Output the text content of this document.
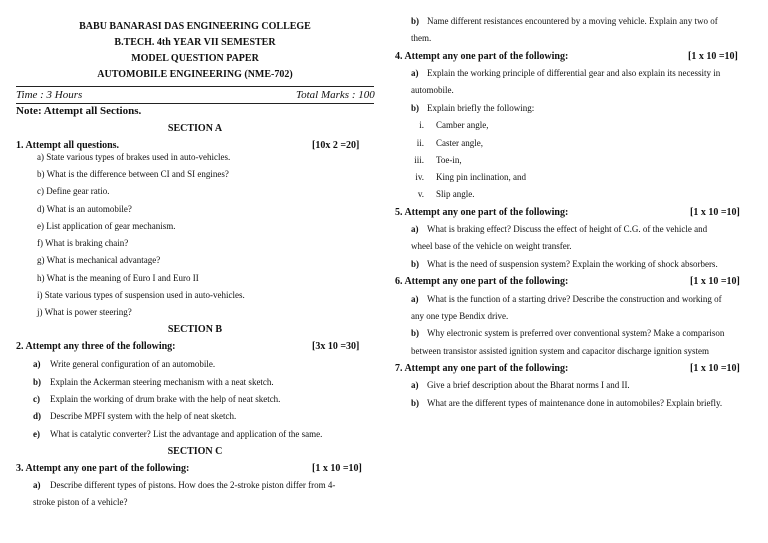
BABU BANARASI DAS ENGINEERING COLLEGE
B.TECH. 4th YEAR VII SEMESTER
MODEL QUESTION PAPER
AUTOMOBILE ENGINEERING (NME-702)
Time : 3 Hours	Total Marks : 100
Note: Attempt all Sections.
SECTION A
1. Attempt all questions.	[10x 2 =20]
a) State various types of brakes used in auto-vehicles.
b) What is the difference between CI and SI engines?
c) Define gear ratio.
d) What is an automobile?
e) List application of gear mechanism.
f) What is braking chain?
g) What is mechanical advantage?
h) What is the meaning of Euro I and Euro II
i) State various types of suspension used in auto-vehicles.
j) What is power steering?
SECTION B
2. Attempt any three of the following:	[3x 10 =30]
a) Write general configuration of an automobile.
b) Explain the Ackerman steering mechanism with a neat sketch.
c) Explain the working of drum brake with the help of neat sketch.
d) Describe MPFI system with the help of neat sketch.
e) What is catalytic converter? List the advantage and application of the same.
SECTION C
3. Attempt any one part of the following:	[1 x 10 =10]
a) Describe different types of pistons. How does the 2-stroke piston differ from 4-
stroke piston of a vehicle?
b) Name different resistances encountered by a moving vehicle. Explain any two of
them.
4. Attempt any one part of the following:	[1 x 10 =10]
a) Explain the working principle of differential gear and also explain its necessity in
automobile.
b) Explain briefly the following:
i. Camber angle,
ii. Caster angle,
iii. Toe-in,
iv. King pin inclination, and
v. Slip angle.
5. Attempt any one part of the following:	[1 x 10 =10]
a) What is braking effect? Discuss the effect of height of C.G. of the vehicle and
wheel base of the vehicle on weight transfer.
b) What is the need of suspension system? Explain the working of shock absorbers.
6. Attempt any one part of the following:	[1 x 10 =10]
a) What is the function of a starting drive? Describe the construction and working of
any one type Bendix drive.
b) Why electronic system is preferred over conventional system? Make a comparison
between transistor assisted ignition system and capacitor discharge ignition system
7. Attempt any one part of the following:	[1 x 10 =10]
a) Give a brief description about the Bharat norms I and II.
b) What are the different types of maintenance done in automobiles? Explain briefly.
